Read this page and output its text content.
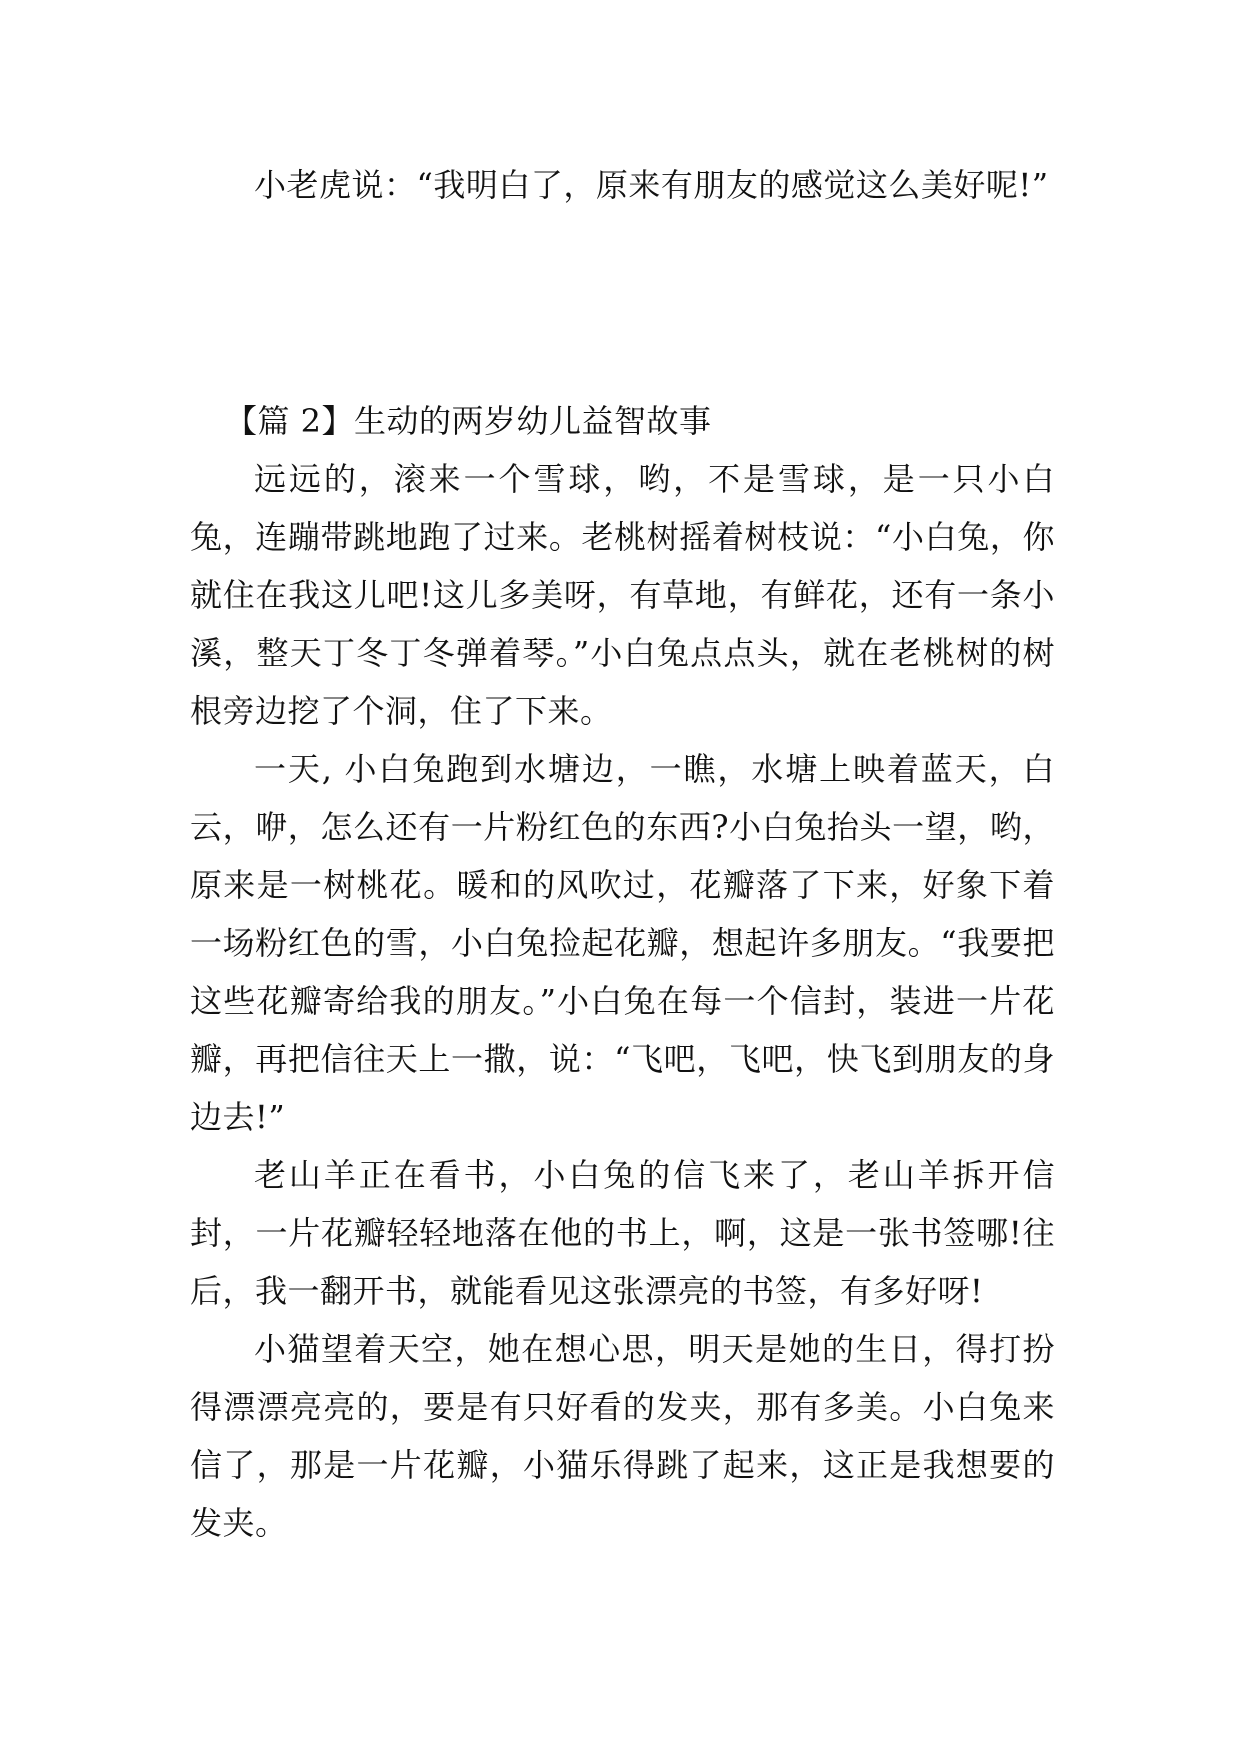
小老虎说：“我明白了，原来有朋友的感觉这么美好呢!”

【篇 2】生动的两岁幼儿益智故事

远远的，滚来一个雪球，哟，不是雪球，是一只小白兔，连蹦带跳地跑了过来。老桃树摇着树枝说：“小白兔，你就住在我这儿吧!这儿多美呀，有草地，有鲜花，还有一条小溪，整天丁冬丁冬弹着琴。”小白兔点点头，就在老桃树的树根旁边挖了个洞，住了下来。

一天, 小白兔跑到水塘边，一瞧，水塘上映着蓝天，白云，咿，怎么还有一片粉红色的东西?小白兔抬头一望，哟，原来是一树桃花。暖和的风吹过，花瓣落了下来，好象下着一场粉红色的雪，小白兔捡起花瓣，想起许多朋友。“我要把这些花瓣寄给我的朋友。”小白兔在每一个信封，装进一片花瓣，再把信往天上一撒，说：“飞吧，飞吧，快飞到朋友的身边去!”

老山羊正在看书，小白兔的信飞来了，老山羊拆开信封，一片花瓣轻轻地落在他的书上，啊，这是一张书签哪!往后，我一翻开书，就能看见这张漂亮的书签，有多好呀!

小猫望着天空，她在想心思，明天是她的生日，得打扮得漂漂亮亮的，要是有只好看的发夹，那有多美。小白兔来信了，那是一片花瓣，小猫乐得跳了起来，这正是我想要的发夹。
